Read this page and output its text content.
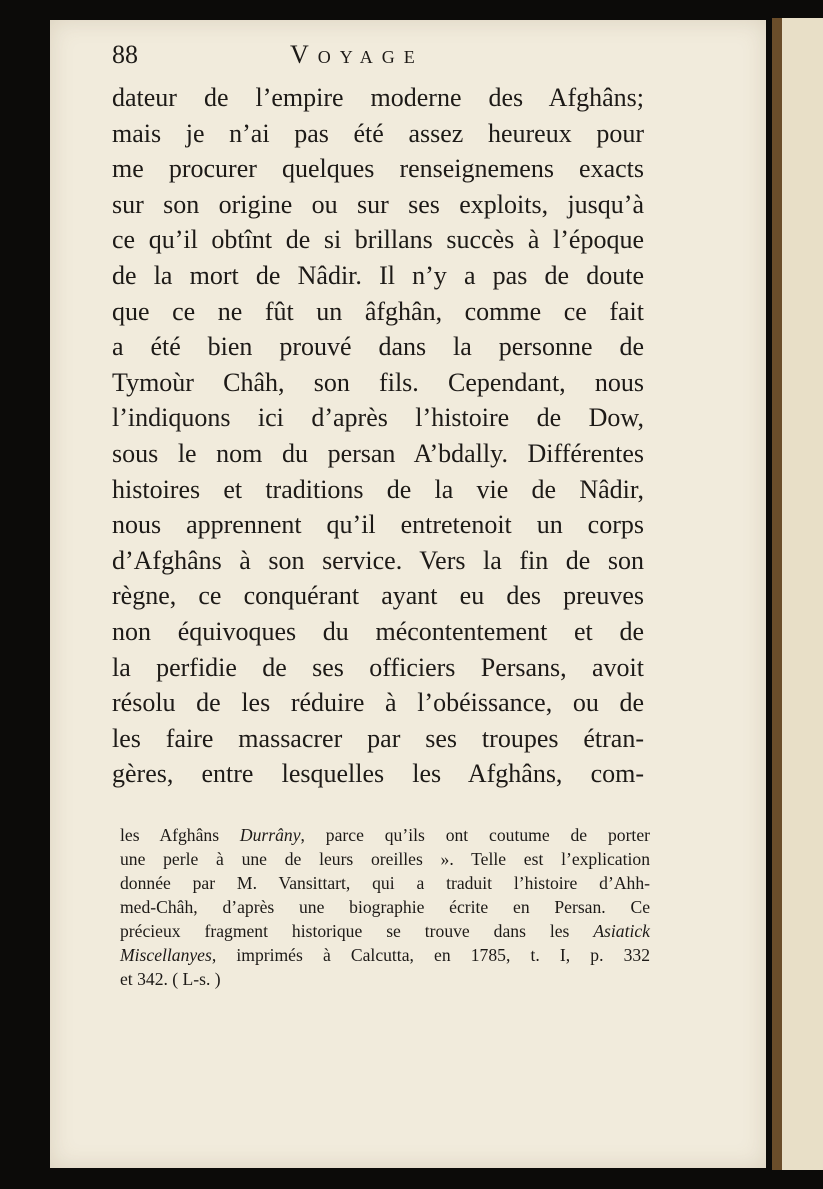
88	Voyage
dateur de l’empire moderne des Afghâns;
mais je n’ai pas été assez heureux pour
me procurer quelques renseignemens exacts
sur son origine ou sur ses exploits, jusqu’à
ce qu’il obtînt de si brillans succès à l’époque
de la mort de Nâdir. Il n’y a pas de doute
que ce ne fût un âfghân, comme ce fait
a été bien prouvé dans la personne de
Tymoùr Châh, son fils. Cependant, nous
l’indiquons ici d’après l’histoire de Dow,
sous le nom du persan A’bdally. Différentes
histoires et traditions de la vie de Nâdir,
nous apprennent qu’il entretenoit un corps
d’Afghâns à son service. Vers la fin de son
règne, ce conquérant ayant eu des preuves
non équivoques du mécontentement et de
la perfidie de ses officiers Persans, avoit
résolu de les réduire à l’obéissance, ou de
les faire massacrer par ses troupes étran-
gères, entre lesquelles les Afghâns, com-
les Afghâns Durrâny, parce qu’ils ont coutume de porter
une perle à une de leurs oreilles ». Telle est l’explication
donnée par M. Vansittart, qui a traduit l’histoire d’Ahh-
med-Châh, d’après une biographie écrite en Persan. Ce
précieux fragment historique se trouve dans les Asiatick
Miscellanyes, imprimés à Calcutta, en 1785, t. I, p. 332
et 342. ( L-s. )
